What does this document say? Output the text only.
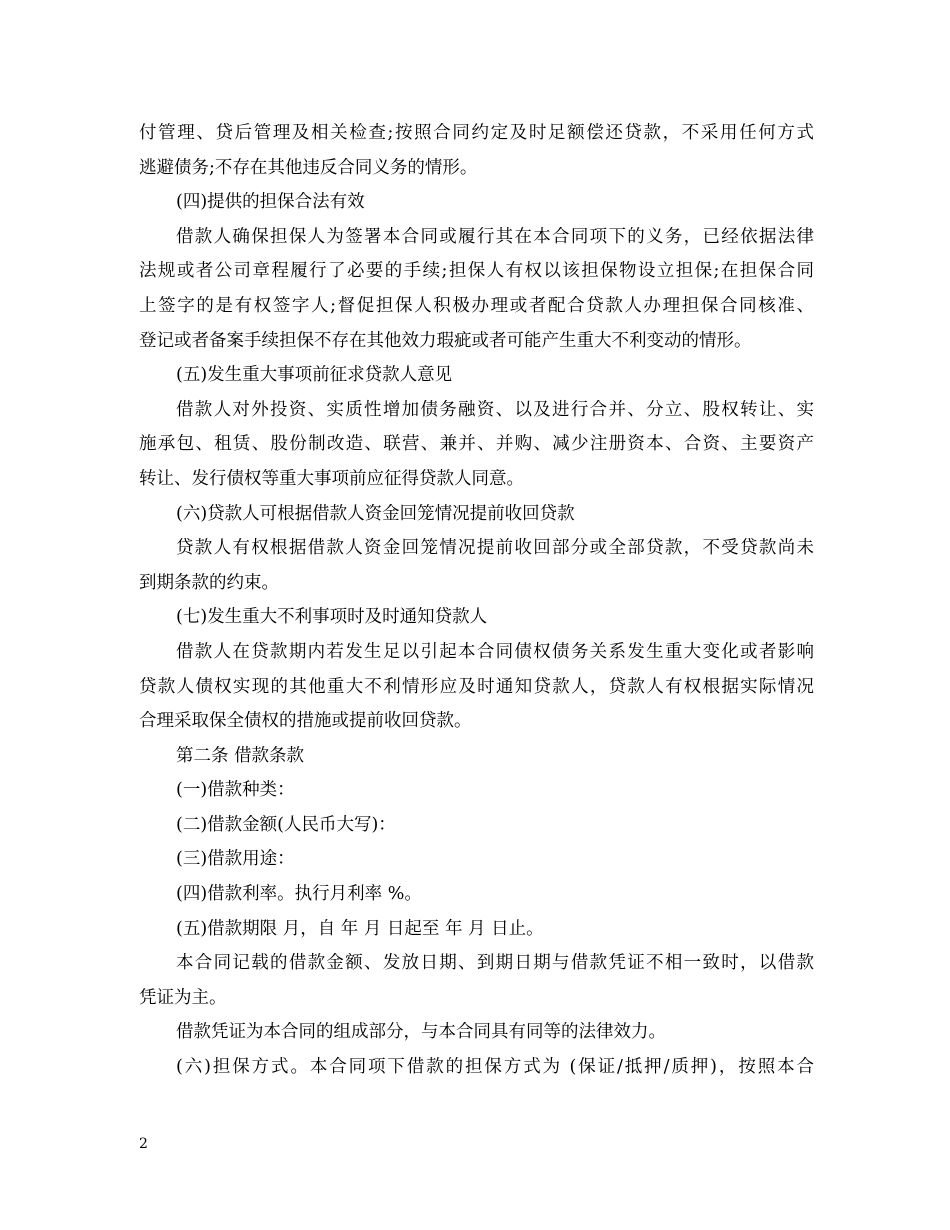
付管理、贷后管理及相关检查;按照合同约定及时足额偿还贷款，不采用任何方式
逃避债务;不存在其他违反合同义务的情形。
(四)提供的担保合法有效
借款人确保担保人为签署本合同或履行其在本合同项下的义务，已经依据法律
法规或者公司章程履行了必要的手续;担保人有权以该担保物设立担保;在担保合同
上签字的是有权签字人;督促担保人积极办理或者配合贷款人办理担保合同核准、
登记或者备案手续担保不存在其他效力瑕疵或者可能产生重大不利变动的情形。
(五)发生重大事项前征求贷款人意见
借款人对外投资、实质性增加债务融资、以及进行合并、分立、股权转让、实
施承包、租赁、股份制改造、联营、兼并、并购、减少注册资本、合资、主要资产
转让、发行债权等重大事项前应征得贷款人同意。
(六)贷款人可根据借款人资金回笼情况提前收回贷款
贷款人有权根据借款人资金回笼情况提前收回部分或全部贷款，不受贷款尚未
到期条款的约束。
(七)发生重大不利事项时及时通知贷款人
借款人在贷款期内若发生足以引起本合同债权债务关系发生重大变化或者影响
贷款人债权实现的其他重大不利情形应及时通知贷款人，贷款人有权根据实际情况
合理采取保全债权的措施或提前收回贷款。
第二条 借款条款
(一)借款种类：
(二)借款金额(人民币大写)：
(三)借款用途：
(四)借款利率。执行月利率 %。
(五)借款期限 月，自 年 月 日起至 年 月 日止。
本合同记载的借款金额、发放日期、到期日期与借款凭证不相一致时，以借款
凭证为主。
借款凭证为本合同的组成部分，与本合同具有同等的法律效力。
(六)担保方式。本合同项下借款的担保方式为 (保证/抵押/质押)，按照本合
2
